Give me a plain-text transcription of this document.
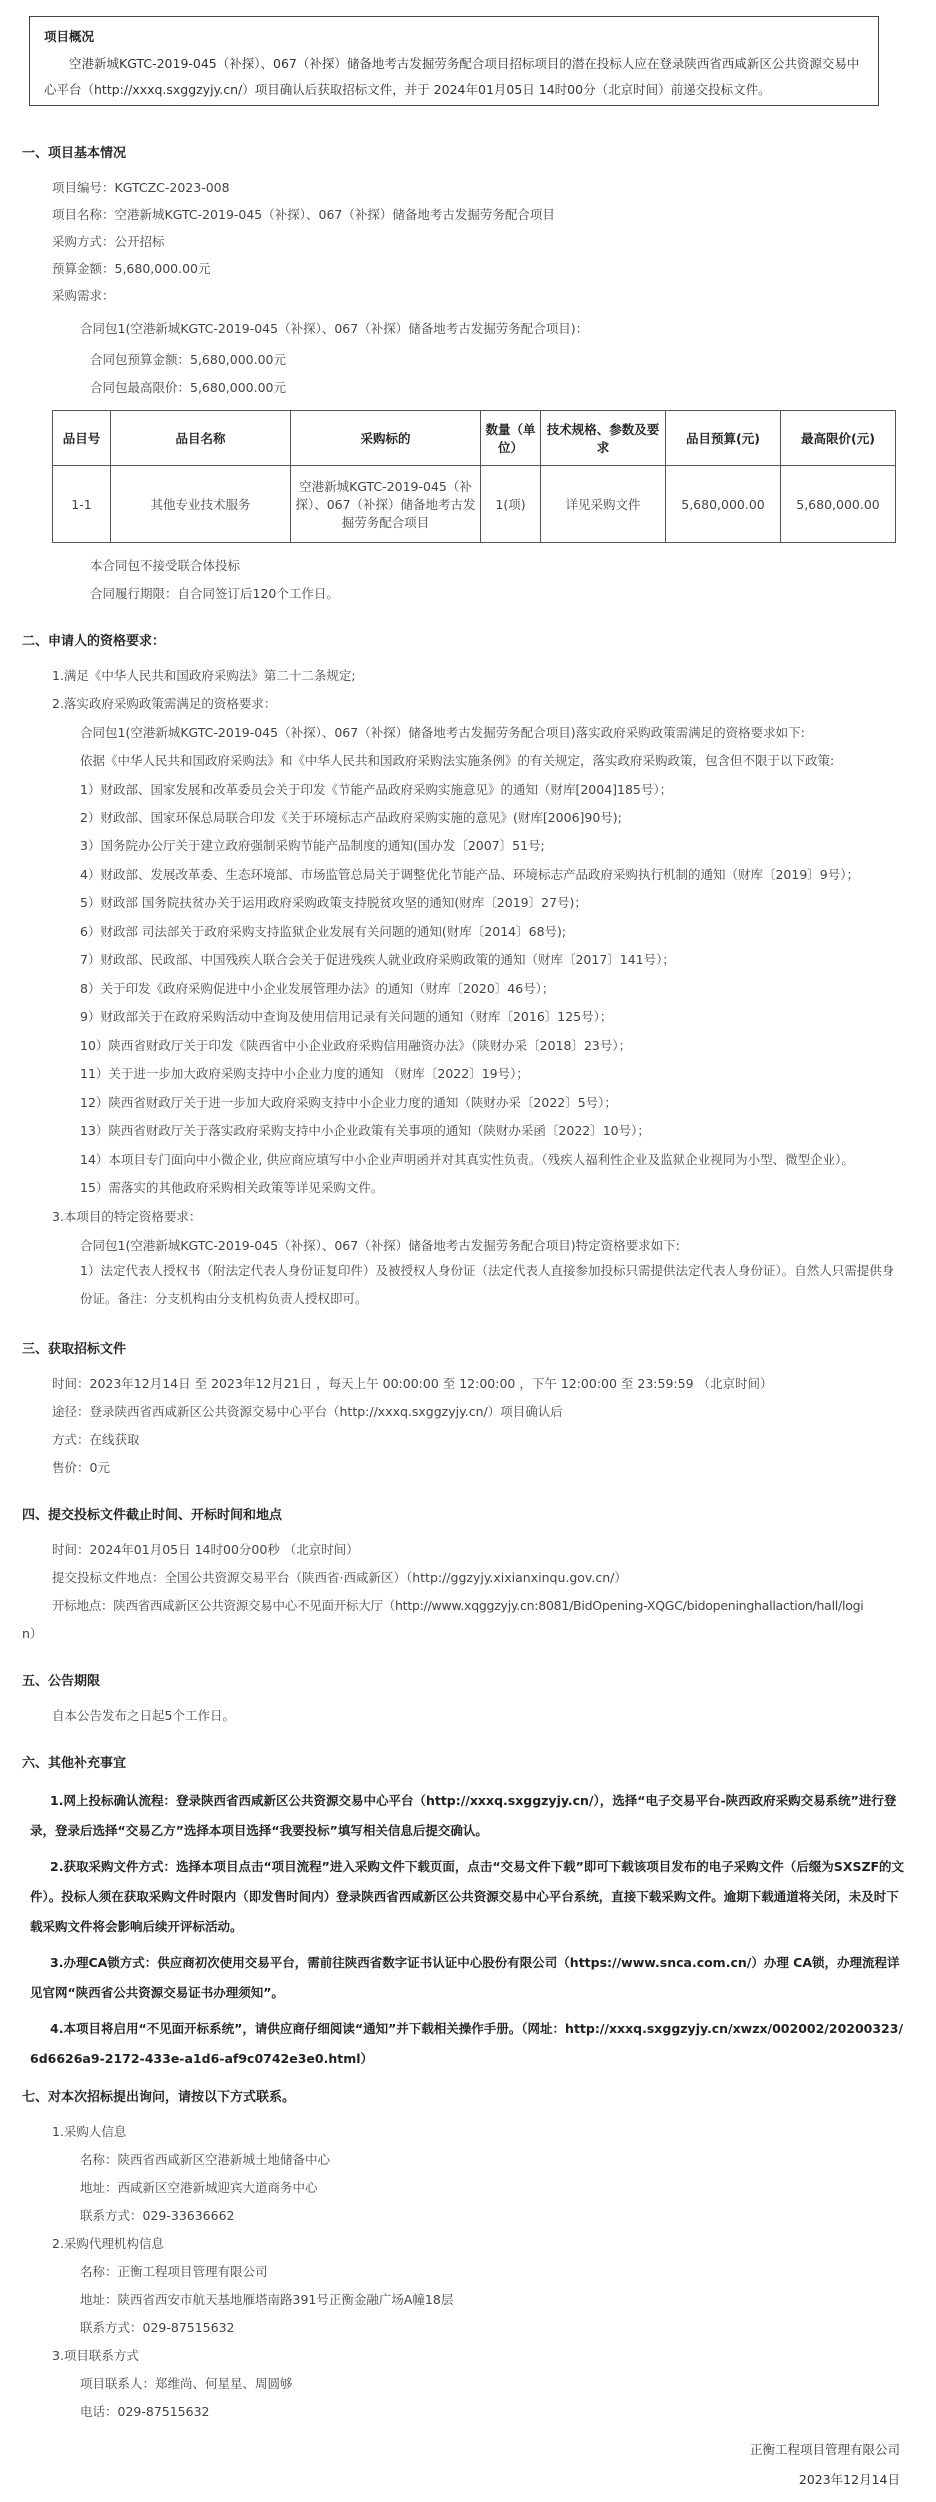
项目概况
空港新城KGTC-2019-045（补探）、067（补探）储备地考古发掘劳务配合项目招标项目的潜在投标人应在登录陕西省西咸新区公共资源交易中心平台（http://xxxq.sxggzyjy.cn/）项目确认后获取招标文件，并于 2024年01月05日 14时00分（北京时间）前递交投标文件。
一、项目基本情况
项目编号：KGTCZC-2023-008
项目名称：空港新城KGTC-2019-045（补探）、067（补探）储备地考古发掘劳务配合项目
采购方式：公开招标
预算金额：5,680,000.00元
采购需求：
合同包1(空港新城KGTC-2019-045（补探）、067（补探）储备地考古发掘劳务配合项目)：
合同包预算金额：5,680,000.00元
合同包最高限价：5,680,000.00元
品目号	品目名称	采购标的	数量（单位）	技术规格、参数及要求	品目预算(元)	最高限价(元)
1-1	其他专业技术服务	空港新城KGTC-2019-045（补探）、067（补探）储备地考古发掘劳务配合项目	1(项)	详见采购文件	5,680,000.00	5,680,000.00
本合同包不接受联合体投标
合同履行期限：自合同签订后120个工作日。
二、申请人的资格要求：
1.满足《中华人民共和国政府采购法》第二十二条规定;
2.落实政府采购政策需满足的资格要求：
合同包1(空港新城KGTC-2019-045（补探）、067（补探）储备地考古发掘劳务配合项目)落实政府采购政策需满足的资格要求如下:
依据《中华人民共和国政府采购法》和《中华人民共和国政府采购法实施条例》的有关规定，落实政府采购政策，包含但不限于以下政策:
1）财政部、国家发展和改革委员会关于印发《节能产品政府采购实施意见》的通知（财库[2004]185号）；
2）财政部、国家环保总局联合印发《关于环境标志产品政府采购实施的意见》(财库[2006]90号);
3）国务院办公厅关于建立政府强制采购节能产品制度的通知(国办发〔2007〕51号;
4）财政部、发展改革委、生态环境部、市场监管总局关于调整优化节能产品、环境标志产品政府采购执行机制的通知（财库〔2019〕9号）；
5）财政部 国务院扶贫办关于运用政府采购政策支持脱贫攻坚的通知(财库〔2019〕27号)；
6）财政部 司法部关于政府采购支持监狱企业发展有关问题的通知(财库〔2014〕68号);
7）财政部、民政部、中国残疾人联合会关于促进残疾人就业政府采购政策的通知（财库〔2017〕141号）；
8）关于印发《政府采购促进中小企业发展管理办法》的通知（财库〔2020〕46号）；
9）财政部关于在政府采购活动中查询及使用信用记录有关问题的通知（财库〔2016〕125号）；
10）陕西省财政厅关于印发《陕西省中小企业政府采购信用融资办法》（陕财办采〔2018〕23号）；
11）关于进一步加大政府采购支持中小企业力度的通知 （财库〔2022〕19号）；
12）陕西省财政厅关于进一步加大政府采购支持中小企业力度的通知（陕财办采〔2022〕5号）；
13）陕西省财政厅关于落实政府采购支持中小企业政策有关事项的通知（陕财办采函〔2022〕10号）；
14）本项目专门面向中小微企业, 供应商应填写中小企业声明函并对其真实性负责。（残疾人福利性企业及监狱企业视同为小型、微型企业）。
15）需落实的其他政府采购相关政策等详见采购文件。
3.本项目的特定资格要求：
合同包1(空港新城KGTC-2019-045（补探）、067（补探）储备地考古发掘劳务配合项目)特定资格要求如下:
1）法定代表人授权书（附法定代表人身份证复印件）及被授权人身份证（法定代表人直接参加投标只需提供法定代表人身份证）。自然人只需提供身份证。备注：分支机构由分支机构负责人授权即可。
三、获取招标文件
时间：2023年12月14日 至 2023年12月21日 ，每天上午 00:00:00 至 12:00:00 ，下午 12:00:00 至 23:59:59 （北京时间）
途径：登录陕西省西咸新区公共资源交易中心平台（http://xxxq.sxggzyjy.cn/）项目确认后
方式：在线获取
售价：0元
四、提交投标文件截止时间、开标时间和地点
时间：2024年01月05日 14时00分00秒 （北京时间）
提交投标文件地点：全国公共资源交易平台（陕西省·西咸新区）（http://ggzyjy.xixianxinqu.gov.cn/）
开标地点：陕西省西咸新区公共资源交易中心不见面开标大厅（http://www.xqggzyjy.cn:8081/BidOpening-XQGC/bidopeninghallaction/hall/logi
n）
五、公告期限
自本公告发布之日起5个工作日。
六、其他补充事宜
1.网上投标确认流程：登录陕西省西咸新区公共资源交易中心平台（http://xxxq.sxggzyjy.cn/），选择“电子交易平台-陕西政府采购交易系统”进行登录，登录后选择“交易乙方”选择本项目选择“我要投标”填写相关信息后提交确认。
2.获取采购文件方式：选择本项目点击“项目流程”进入采购文件下载页面，点击“交易文件下载”即可下载该项目发布的电子采购文件（后缀为SXSZF的文件）。投标人须在获取采购文件时限内（即发售时间内）登录陕西省西咸新区公共资源交易中心平台系统，直接下载采购文件。逾期下载通道将关闭，未及时下载采购文件将会影响后续开评标活动。
3.办理CA锁方式：供应商初次使用交易平台，需前往陕西省数字证书认证中心股份有限公司（https://www.snca.com.cn/）办理 CA锁，办理流程详见官网“陕西省公共资源交易证书办理须知”。
4.本项目将启用“不见面开标系统”，请供应商仔细阅读“通知”并下载相关操作手册。（网址：http://xxxq.sxggzyjy.cn/xwzx/002002/20200323/6d6626a9-2172-433e-a1d6-af9c0742e3e0.html）
七、对本次招标提出询问，请按以下方式联系。
1.采购人信息
名称：陕西省西咸新区空港新城土地储备中心
地址：西咸新区空港新城迎宾大道商务中心
联系方式：029-33636662
2.采购代理机构信息
名称：正衡工程项目管理有限公司
地址：陕西省西安市航天基地雁塔南路391号正衡金融广场A幢18层
联系方式：029-87515632
3.项目联系方式
项目联系人：郑维尚、何星星、周圆够
电话：029-87515632
正衡工程项目管理有限公司
2023年12月14日
